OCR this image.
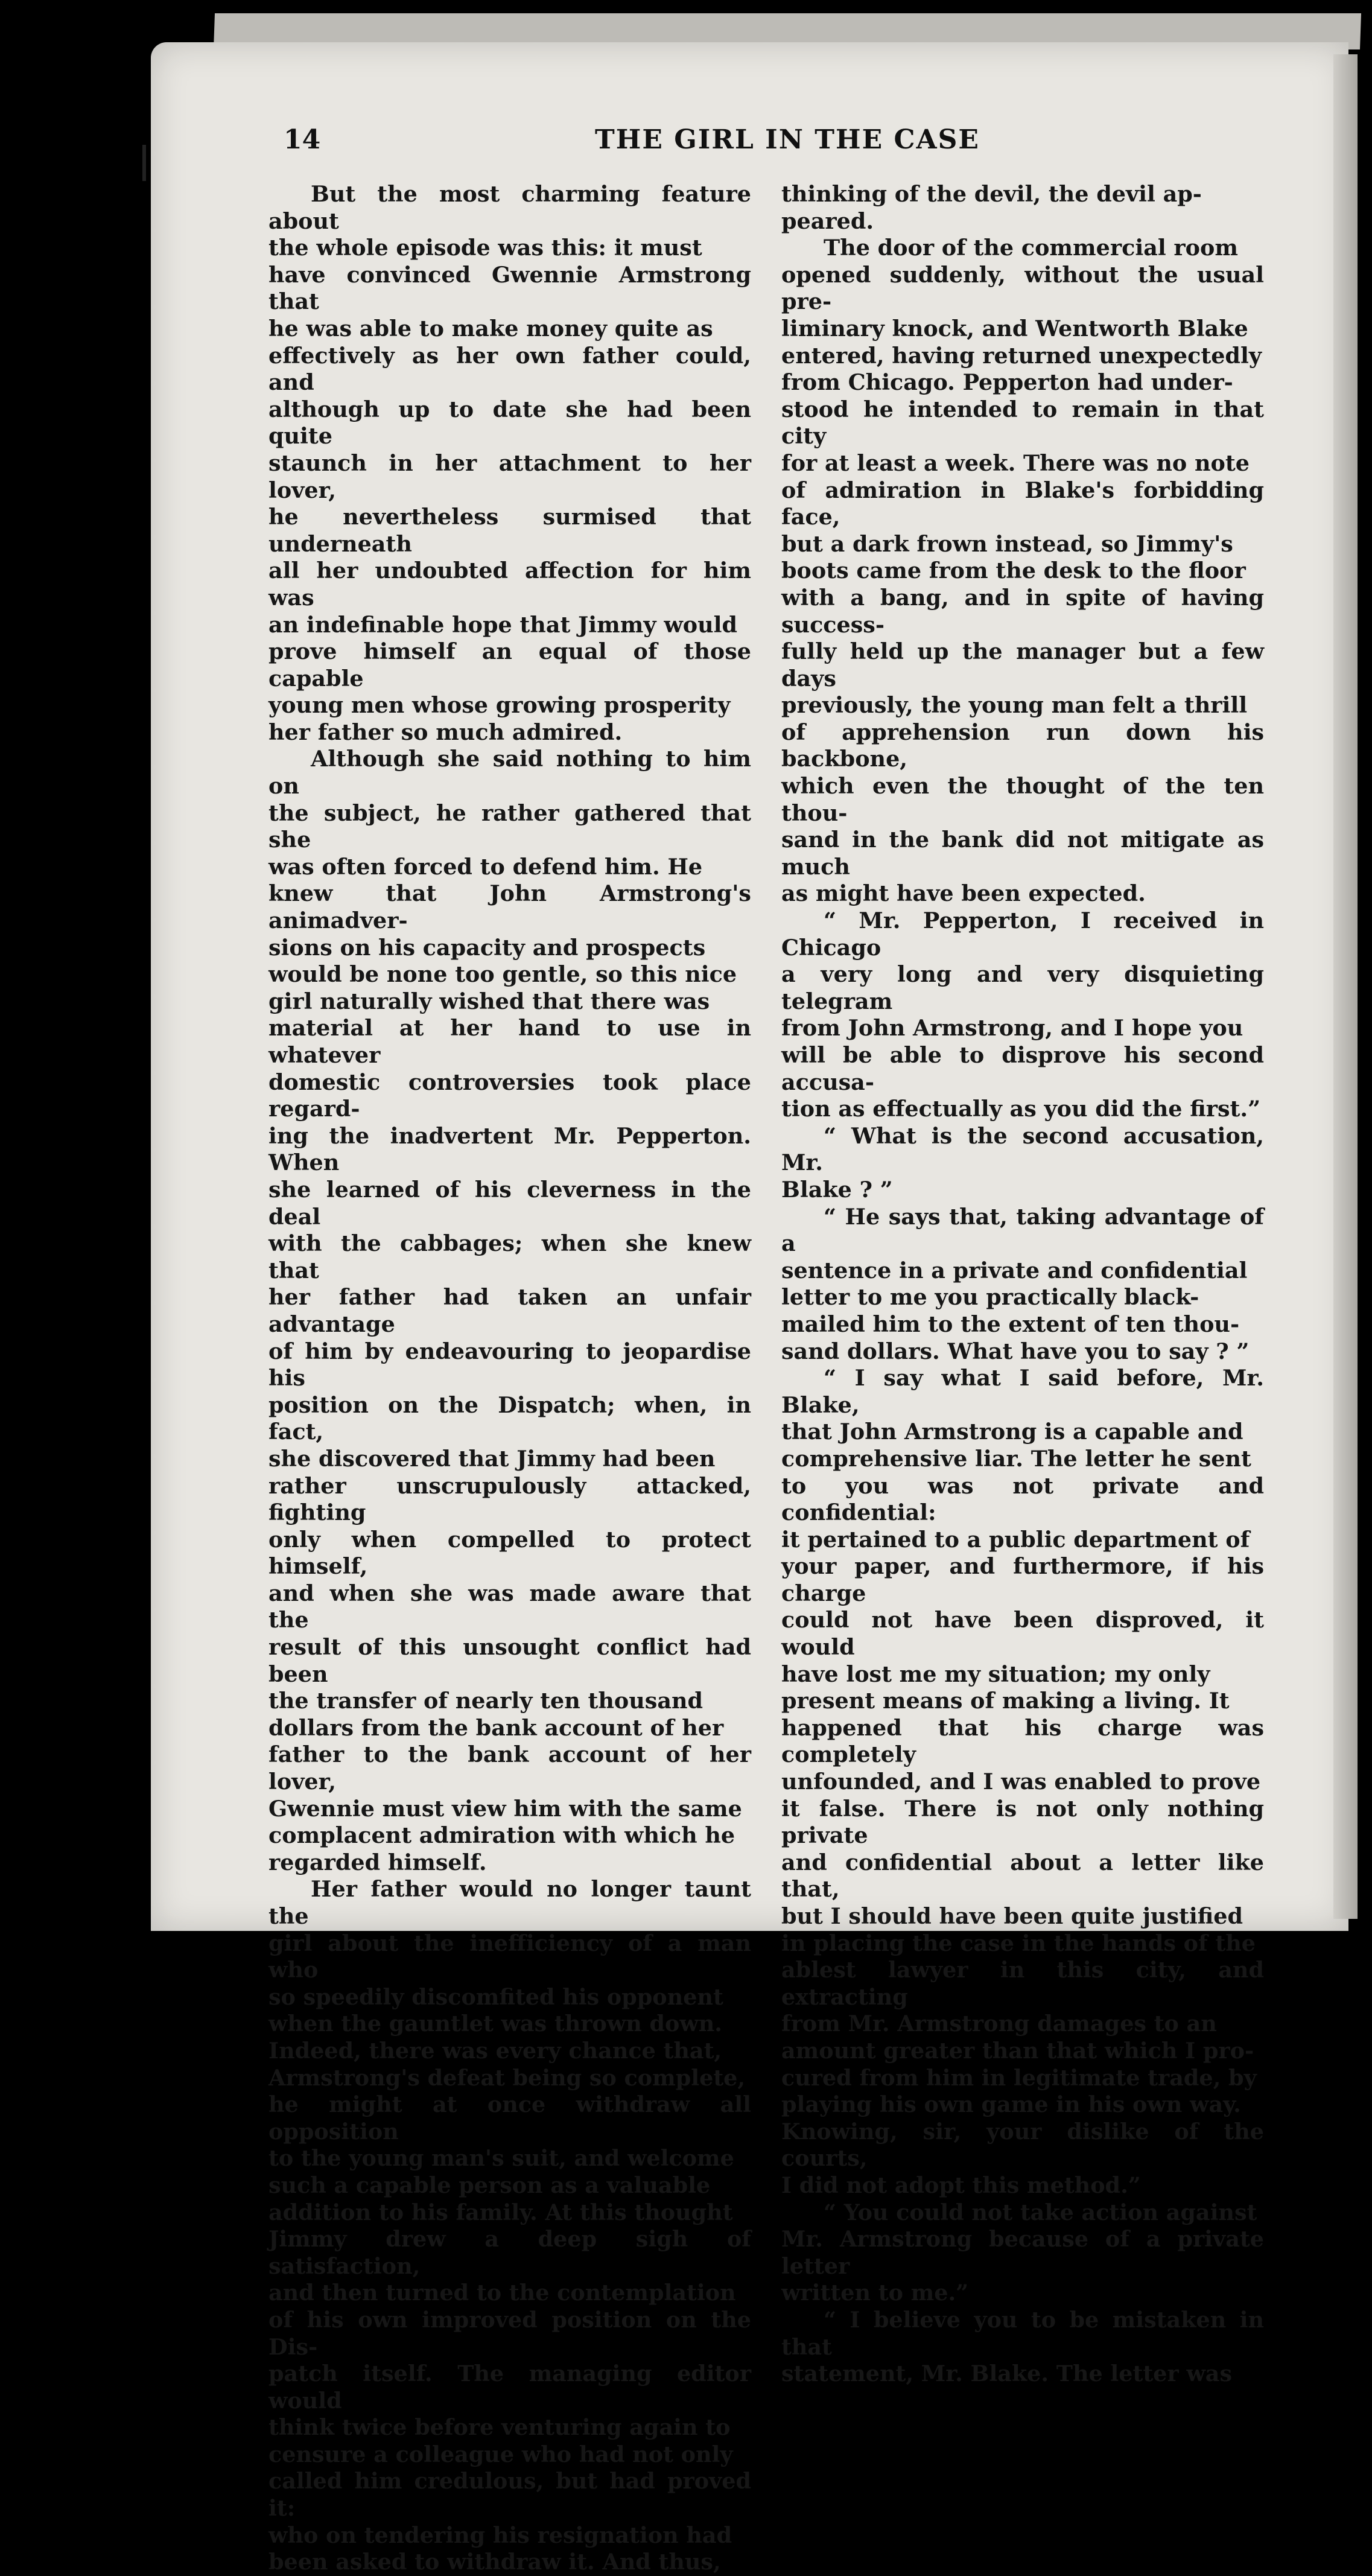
14	THE GIRL IN THE CASE

But the most charming feature about
the whole episode was this: it must
have convinced Gwennie Armstrong that
he was able to make money quite as
effectively as her own father could, and
although up to date she had been quite
staunch in her attachment to her lover,
he nevertheless surmised that underneath
all her undoubted affection for him was
an indefinable hope that Jimmy would
prove himself an equal of those capable
young men whose growing prosperity
her father so much admired.

Although she said nothing to him on
the subject, he rather gathered that she
was often forced to defend him. He
knew that John Armstrong's animadver-
sions on his capacity and prospects
would be none too gentle, so this nice
girl naturally wished that there was
material at her hand to use in whatever
domestic controversies took place regard-
ing the inadvertent Mr. Pepperton. When
she learned of his cleverness in the deal
with the cabbages; when she knew that
her father had taken an unfair advantage
of him by endeavouring to jeopardise his
position on the Dispatch; when, in fact,
she discovered that Jimmy had been
rather unscrupulously attacked, fighting
only when compelled to protect himself,
and when she was made aware that the
result of this unsought conflict had been
the transfer of nearly ten thousand
dollars from the bank account of her
father to the bank account of her lover,
Gwennie must view him with the same
complacent admiration with which he
regarded himself.

Her father would no longer taunt the
girl about the inefficiency of a man who
so speedily discomfited his opponent
when the gauntlet was thrown down.
Indeed, there was every chance that,
Armstrong's defeat being so complete,
he might at once withdraw all opposition
to the young man's suit, and welcome
such a capable person as a valuable
addition to his family. At this thought
Jimmy drew a deep sigh of satisfaction,
and then turned to the contemplation
of his own improved position on the Dis-
patch itself. The managing editor would
think twice before venturing again to
censure a colleague who had not only
called him credulous, but had proved it:
who on tendering his resignation had
been asked to withdraw it. And thus,

thinking of the devil, the devil ap-
peared.

The door of the commercial room
opened suddenly, without the usual pre-
liminary knock, and Wentworth Blake
entered, having returned unexpectedly
from Chicago. Pepperton had under-
stood he intended to remain in that city
for at least a week. There was no note
of admiration in Blake's forbidding face,
but a dark frown instead, so Jimmy's
boots came from the desk to the floor
with a bang, and in spite of having success-
fully held up the manager but a few days
previously, the young man felt a thrill
of apprehension run down his backbone,
which even the thought of the ten thou-
sand in the bank did not mitigate as much
as might have been expected.

“ Mr. Pepperton, I received in Chicago
a very long and very disquieting telegram
from John Armstrong, and I hope you
will be able to disprove his second accusa-
tion as effectually as you did the first.”

“ What is the second accusation, Mr.
Blake ? ”

“ He says that, taking advantage of a
sentence in a private and confidential
letter to me you practically black-
mailed him to the extent of ten thou-
sand dollars. What have you to say ? ”

“ I say what I said before, Mr. Blake,
that John Armstrong is a capable and
comprehensive liar. The letter he sent
to you was not private and confidential:
it pertained to a public department of
your paper, and furthermore, if his charge
could not have been disproved, it would
have lost me my situation; my only
present means of making a living. It
happened that his charge was completely
unfounded, and I was enabled to prove
it false. There is not only nothing private
and confidential about a letter like that,
but I should have been quite justified
in placing the case in the hands of the
ablest lawyer in this city, and extracting
from Mr. Armstrong damages to an
amount greater than that which I pro-
cured from him in legitimate trade, by
playing his own game in his own way.
Knowing, sir, your dislike of the courts,
I did not adopt this method.”

“ You could not take action against
Mr. Armstrong because of a private letter
written to me.”

“ I believe you to be mistaken in that
statement, Mr. Blake. The letter was
